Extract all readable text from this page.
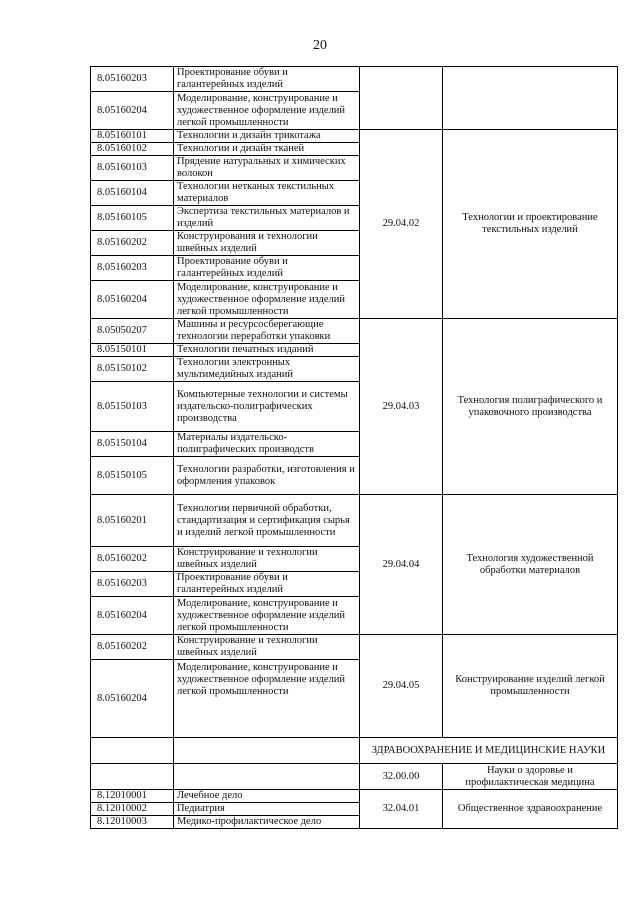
20
8.05160203	Проектирование обуви и галантерейных изделий		
8.05160204	Моделирование, конструирование и художественное оформление изделий легкой промышленности		
8.05160101	Технологии и дизайн трикотажа	29.04.02	Технологии и проектирование текстильных изделий
8.05160102	Технологии и дизайн тканей		
8.05160103	Прядение натуральных и химических волокон		
8.05160104	Технологии нетканых текстильных материалов		
8.05160105	Экспертиза текстильных материалов и изделий		
8.05160202	Конструирования и технологии швейных изделий		
8.05160203	Проектирование обуви и галантерейных изделий		
8.05160204	Моделирование, конструирование и художественное оформление изделий легкой промышленности		
8.05050207	Машины и ресурсосберегающие технологии переработки упаковки	29.04.03	Технология полиграфического и упаковочного производства
8.05150101	Технологии печатных изданий		
8.05150102	Технологии электронных мультимедийных изданий		
8.05150103	Компьютерные технологии и системы издательско-полиграфических производства		
8.05150104	Материалы издательско-полиграфических производств		
8.05150105	Технологии разработки, изготовления и оформления упаковок		
8.05160201	Технологии первичной обработки, стандартизация и сертификация сырья и изделий легкой промышленности	29.04.04	Технология художественной обработки материалов
8.05160202	Конструирование и технологии швейных изделий		
8.05160203	Проектирование обуви и галантерейных изделий		
8.05160204	Моделирование, конструирование и художественное оформление изделий легкой промышленности		
8.05160202	Конструирование и технологии швейных изделий	29.04.05	Конструирование изделий легкой промышленности
8.05160204	Моделирование, конструирование и художественное оформление изделий легкой промышленности		
		ЗДРАВООХРАНЕНИЕ И МЕДИЦИНСКИЕ НАУКИ	
		32.00.00	Науки о здоровье и профилактическая медицина
8.12010001	Лечебное дело	32.04.01	Общественное здравоохранение
8.12010002	Педиатрия		
8.12010003	Медико-профилактическое дело		
